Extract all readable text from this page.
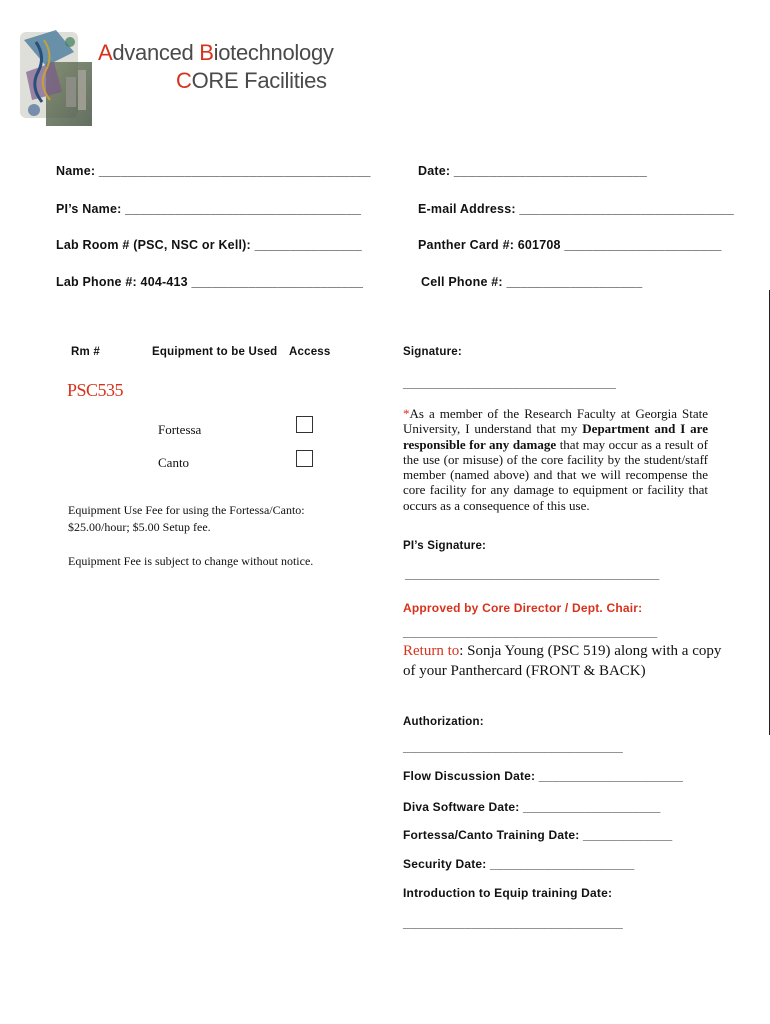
Advanced Biotechnology
CORE Facilities
Name: ______________________________________	Date: ___________________________
PI’s Name: _________________________________	E-mail Address: ______________________________
Lab Room # (PSC, NSC or Kell): _______________	Panther Card #: 601708 ______________________
Lab Phone #: 404-413 ________________________	Cell Phone #: ___________________
Rm #	Equipment to be Used Access
PSC535
Fortessa
Canto
Equipment Use Fee for using the Fortessa/Canto: $25.00/hour; $5.00 Setup fee.
Equipment Fee is subject to change without notice.
Signature:
_______________________________
*As a member of the Research Faculty at Georgia State University, I understand that my Department and I are responsible for any damage that may occur as a result of the use (or misuse) of the core facility by the student/staff member (named above) and that we will recompense the core facility for any damage to equipment or facility that occurs as a consequence of this use.
PI’s Signature:
_____________________________________
Approved by Core Director / Dept. Chair:
_____________________________________
Return to: Sonja Young (PSC 519) along with a copy of your Panthercard (FRONT & BACK)
Authorization:
________________________________
Flow Discussion Date: _____________________
Diva Software Date: ____________________
Fortessa/Canto Training Date: _____________
Security Date: _____________________
Introduction to Equip training Date:
________________________________
